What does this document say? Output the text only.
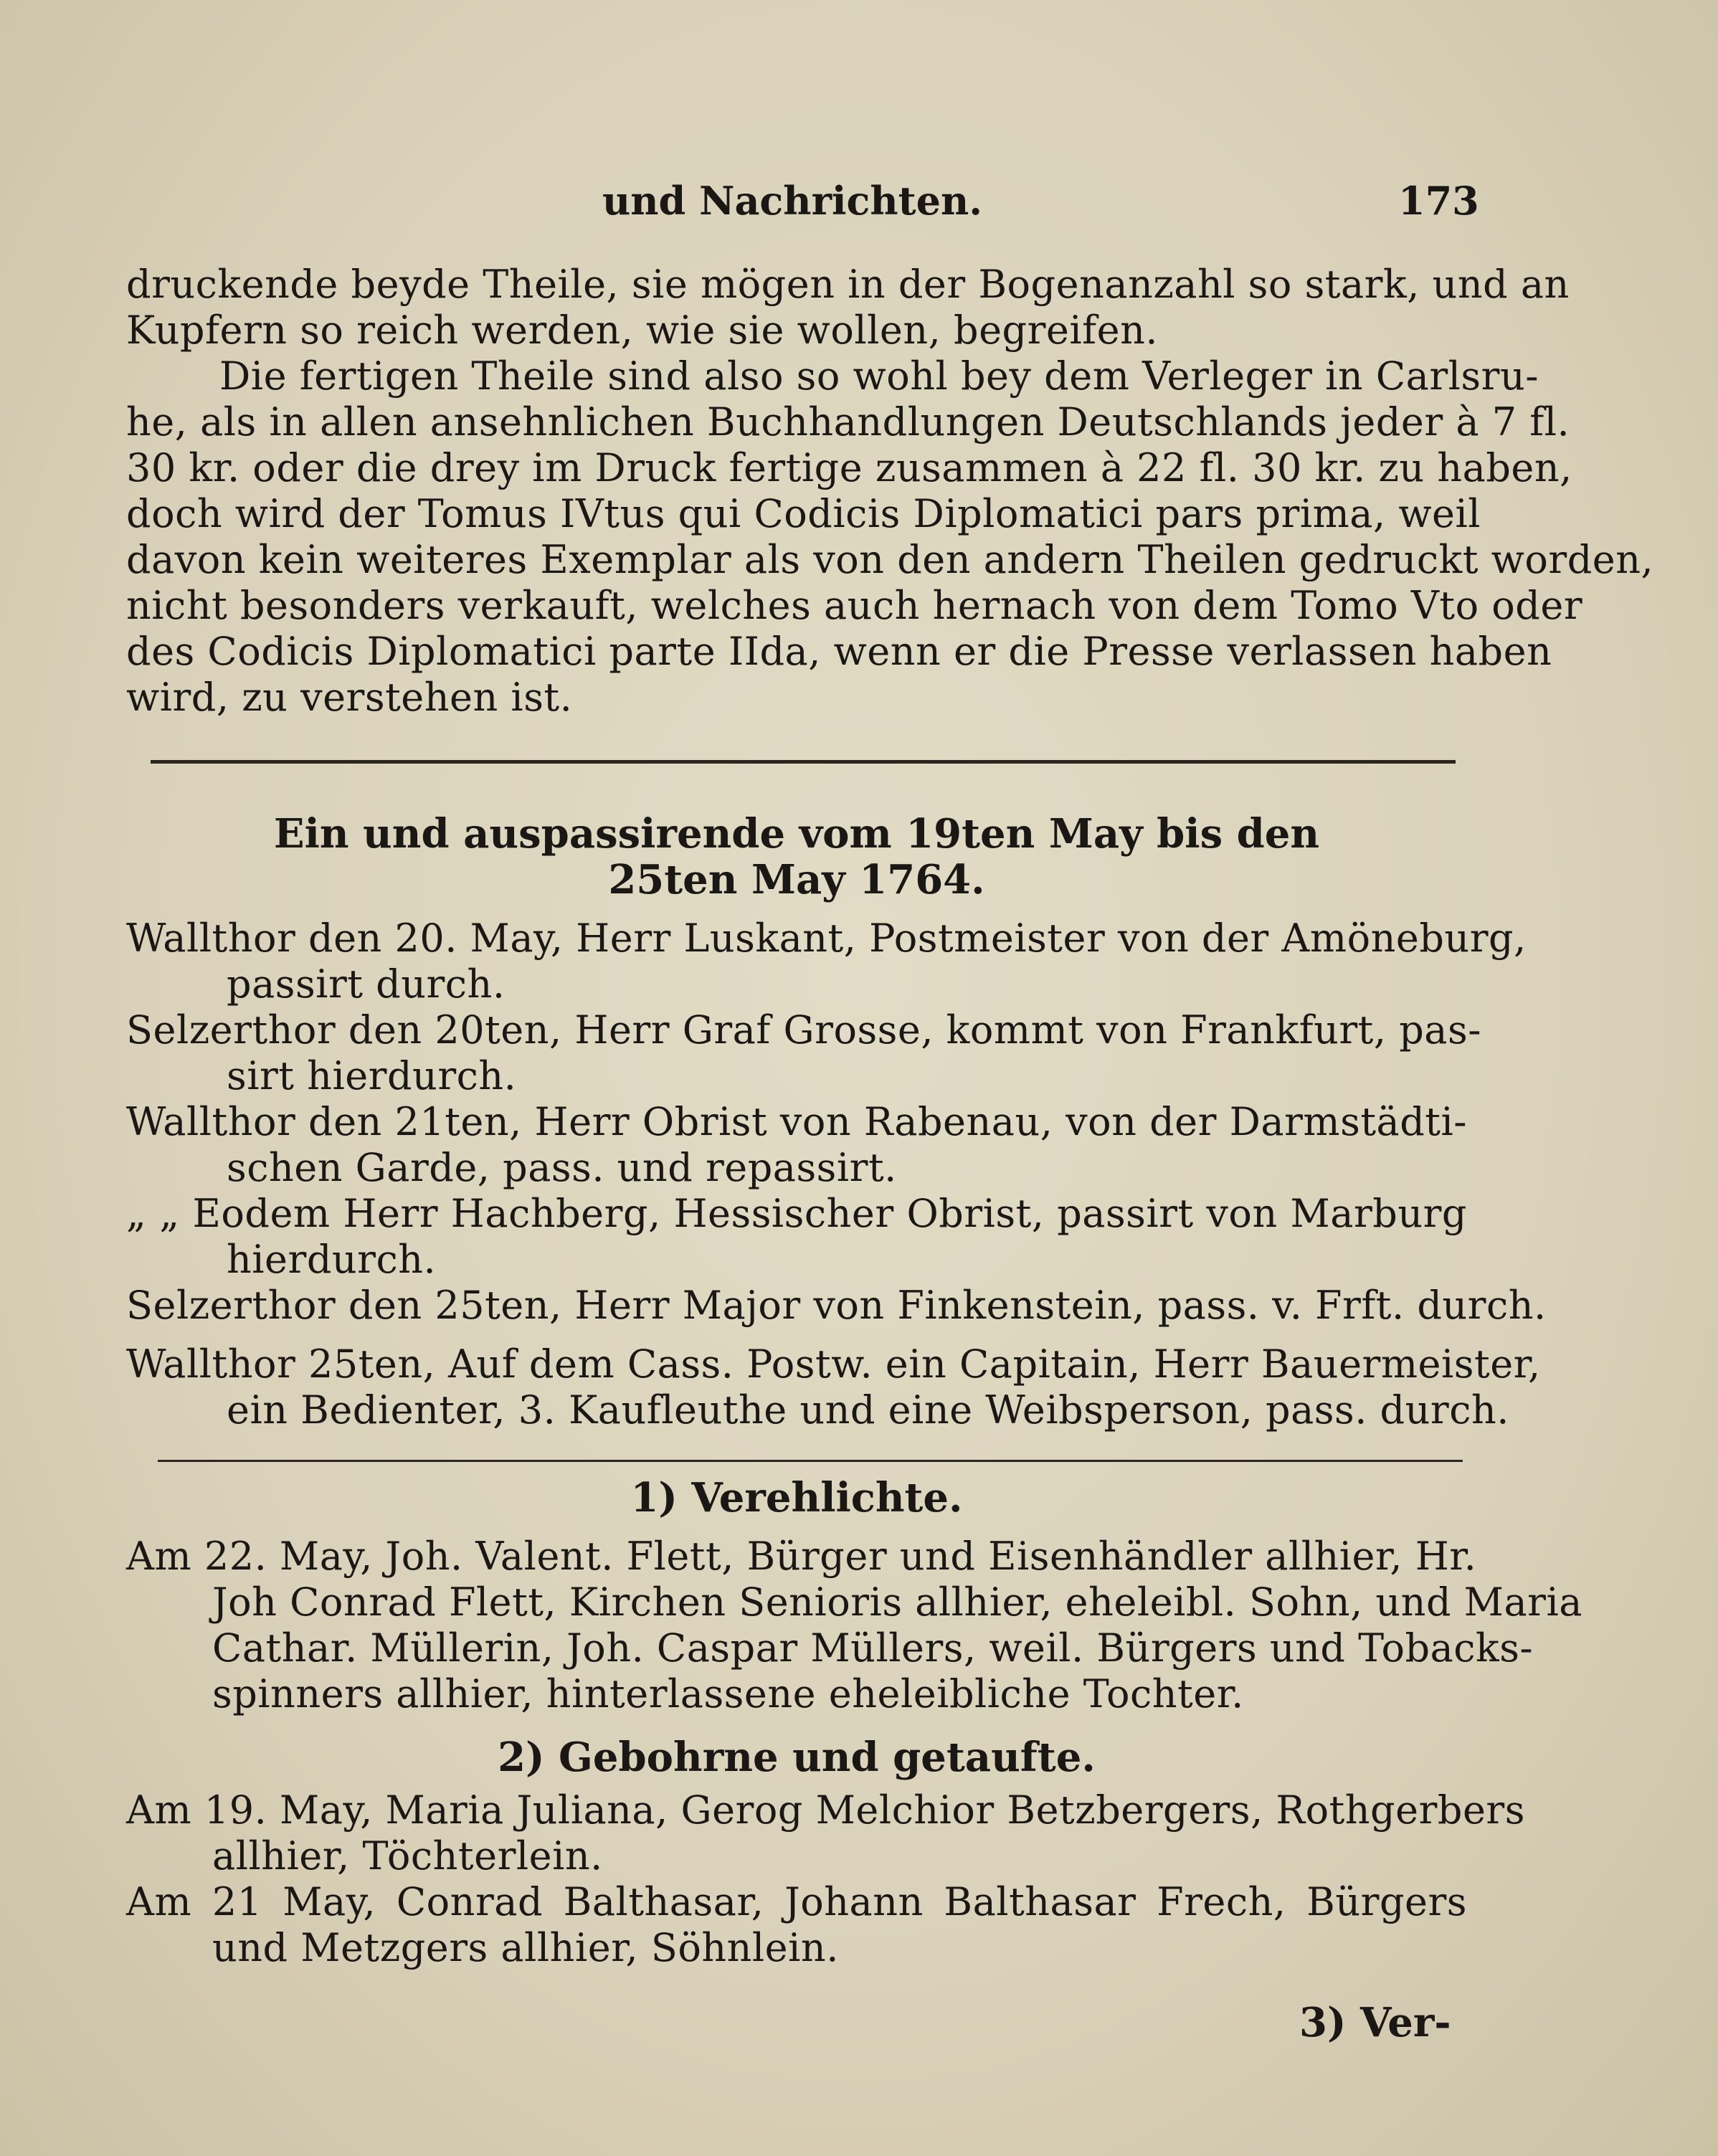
und Nachrichten.	173
druckende beyde Theile, sie mögen in der Bogenanzahl so stark, und an
Kupfern so reich werden, wie sie wollen, begreifen.
Die fertigen Theile sind also so wohl bey dem Verleger in Carlsru-
he, als in allen ansehnlichen Buchhandlungen Deutschlands jeder à 7 fl.
30 kr. oder die drey im Druck fertige zusammen à 22 fl. 30 kr. zu haben,
doch wird der Tomus IVtus qui Codicis Diplomatici pars prima, weil
davon kein weiteres Exemplar als von den andern Theilen gedruckt worden,
nicht besonders verkauft, welches auch hernach von dem Tomo Vto oder
des Codicis Diplomatici parte IIda, wenn er die Presse verlassen haben
wird, zu verstehen ist.
Ein und auspassirende vom 19ten May bis den
25ten May 1764.
Wallthor den 20. May, Herr Luskant, Postmeister von der Amöneburg,
passirt durch.
Selzerthor den 20ten, Herr Graf Grosse, kommt von Frankfurt, pas-
sirt hierdurch.
Wallthor den 21ten, Herr Obrist von Rabenau, von der Darmstädti-
schen Garde, pass. und repassirt.
„ „ Eodem Herr Hachberg, Hessischer Obrist, passirt von Marburg
hierdurch.
Selzerthor den 25ten, Herr Major von Finkenstein, pass. v. Frft. durch.
Wallthor 25ten, Auf dem Cass. Postw. ein Capitain, Herr Bauermeister,
ein Bedienter, 3. Kaufleuthe und eine Weibsperson, pass. durch.
1) Verehlichte.
Am 22. May, Joh. Valent. Flett, Bürger und Eisenhändler allhier, Hr.
Joh Conrad Flett, Kirchen Senioris allhier, eheleibl. Sohn, und Maria
Cathar. Müllerin, Joh. Caspar Müllers, weil. Bürgers und Tobacks-
spinners allhier, hinterlassene eheleibliche Tochter.
2) Gebohrne und getaufte.
Am 19. May, Maria Juliana, Gerog Melchior Betzbergers, Rothgerbers
allhier, Töchterlein.
Am 21 May, Conrad Balthasar, Johann Balthasar Frech, Bürgers
und Metzgers allhier, Söhnlein.
3) Ver-
